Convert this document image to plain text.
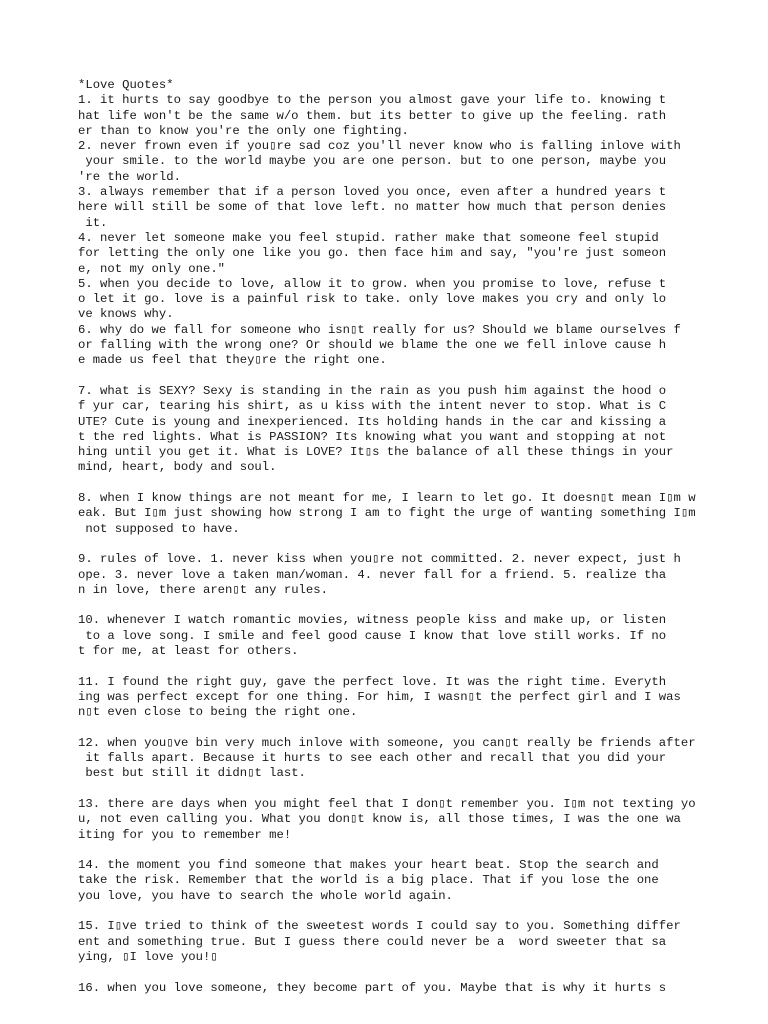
*Love Quotes*
1. it hurts to say goodbye to the person you almost gave your life to. knowing t
hat life won't be the same w/o them. but its better to give up the feeling. rath
er than to know you're the only one fighting.
2. never frown even if you▯re sad coz you'll never know who is falling inlove with
your smile. to the world maybe you are one person. but to one person, maybe you
're the world.
3. always remember that if a person loved you once, even after a hundred years t
here will still be some of that love left. no matter how much that person denies
it.
4. never let someone make you feel stupid. rather make that someone feel stupid
for letting the only one like you go. then face him and say, "you're just someon
e, not my only one."
5. when you decide to love, allow it to grow. when you promise to love, refuse t
o let it go. love is a painful risk to take. only love makes you cry and only lo
ve knows why.
6. why do we fall for someone who isn▯t really for us? Should we blame ourselves f
or falling with the wrong one? Or should we blame the one we fell inlove cause h
e made us feel that they▯re the right one.
7. what is SEXY? Sexy is standing in the rain as you push him against the hood o
f yur car, tearing his shirt, as u kiss with the intent never to stop. What is C
UTE? Cute is young and inexperienced. Its holding hands in the car and kissing a
t the red lights. What is PASSION? Its knowing what you want and stopping at not
hing until you get it. What is LOVE? It▯s the balance of all these things in your
mind, heart, body and soul.
8. when I know things are not meant for me, I learn to let go. It doesn▯t mean I▯m w
eak. But I▯m just showing how strong I am to fight the urge of wanting something I▯m
not supposed to have.
9. rules of love. 1. never kiss when you▯re not committed. 2. never expect, just h
ope. 3. never love a taken man/woman. 4. never fall for a friend. 5. realize tha
n in love, there aren▯t any rules.
10. whenever I watch romantic movies, witness people kiss and make up, or listen
to a love song. I smile and feel good cause I know that love still works. If no
t for me, at least for others.
11. I found the right guy, gave the perfect love. It was the right time. Everyth
ing was perfect except for one thing. For him, I wasn▯t the perfect girl and I was
n▯t even close to being the right one.
12. when you▯ve bin very much inlove with someone, you can▯t really be friends after
it falls apart. Because it hurts to see each other and recall that you did your
best but still it didn▯t last.
13. there are days when you might feel that I don▯t remember you. I▯m not texting yo
u, not even calling you. What you don▯t know is, all those times, I was the one wa
iting for you to remember me!
14. the moment you find someone that makes your heart beat. Stop the search and
take the risk. Remember that the world is a big place. That if you lose the one
you love, you have to search the whole world again.
15. I▯ve tried to think of the sweetest words I could say to you. Something differ
ent and something true. But I guess there could never be a  word sweeter that sa
ying, ▯I love you!▯
16. when you love someone, they become part of you. Maybe that is why it hurts s
